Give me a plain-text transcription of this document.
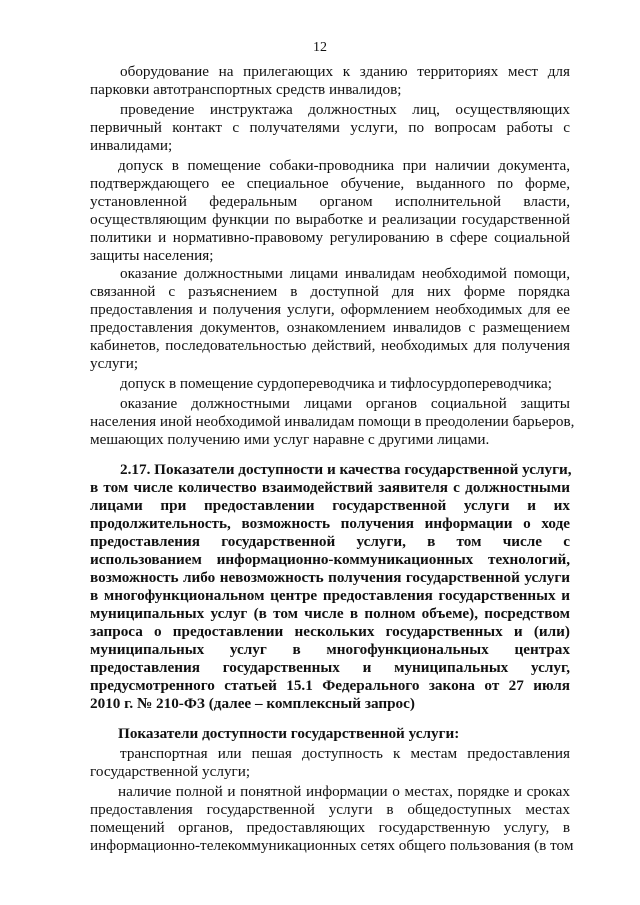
12
оборудование на прилегающих к зданию территориях мест для
парковки автотранспортных средств инвалидов;
проведение инструктажа должностных лиц, осуществляющих
первичный контакт с получателями услуги, по вопросам работы с
инвалидами;
допуск в помещение собаки-проводника при наличии документа,
подтверждающего ее специальное обучение, выданного по форме,
установленной федеральным органом исполнительной власти,
осуществляющим функции по выработке и реализации государственной
политики и нормативно-правовому регулированию в сфере социальной
защиты населения;
оказание должностными лицами инвалидам необходимой помощи,
связанной с разъяснением в доступной для них форме порядка
предоставления и получения услуги, оформлением необходимых для ее
предоставления документов, ознакомлением инвалидов с размещением
кабинетов, последовательностью действий, необходимых для получения
услуги;
допуск в помещение сурдопереводчика и тифлосурдопереводчика;
оказание должностными лицами органов социальной защиты
населения иной необходимой инвалидам помощи в преодолении барьеров,
мешающих получению ими услуг наравне с другими лицами.
2.17. Показатели доступности и качества государственной услуги,
в том числе количество взаимодействий заявителя с должностными
лицами при предоставлении государственной услуги и их
продолжительность, возможность получения информации о ходе
предоставления государственной услуги, в том числе с
использованием информационно-коммуникационных технологий,
возможность либо невозможность получения государственной услуги
в многофункциональном центре предоставления государственных и
муниципальных услуг (в том числе в полном объеме), посредством
запроса о предоставлении нескольких государственных и (или)
муниципальных услуг в многофункциональных центрах
предоставления государственных и муниципальных услуг,
предусмотренного статьей 15.1 Федерального закона от 27 июля
2010 г. № 210-ФЗ (далее – комплексный запрос)
Показатели доступности государственной услуги:
транспортная или пешая доступность к местам предоставления
государственной услуги;
наличие полной и понятной информации о местах, порядке и сроках
предоставления государственной услуги в общедоступных местах
помещений органов, предоставляющих государственную услугу, в
информационно-телекоммуникационных сетях общего пользования (в том
